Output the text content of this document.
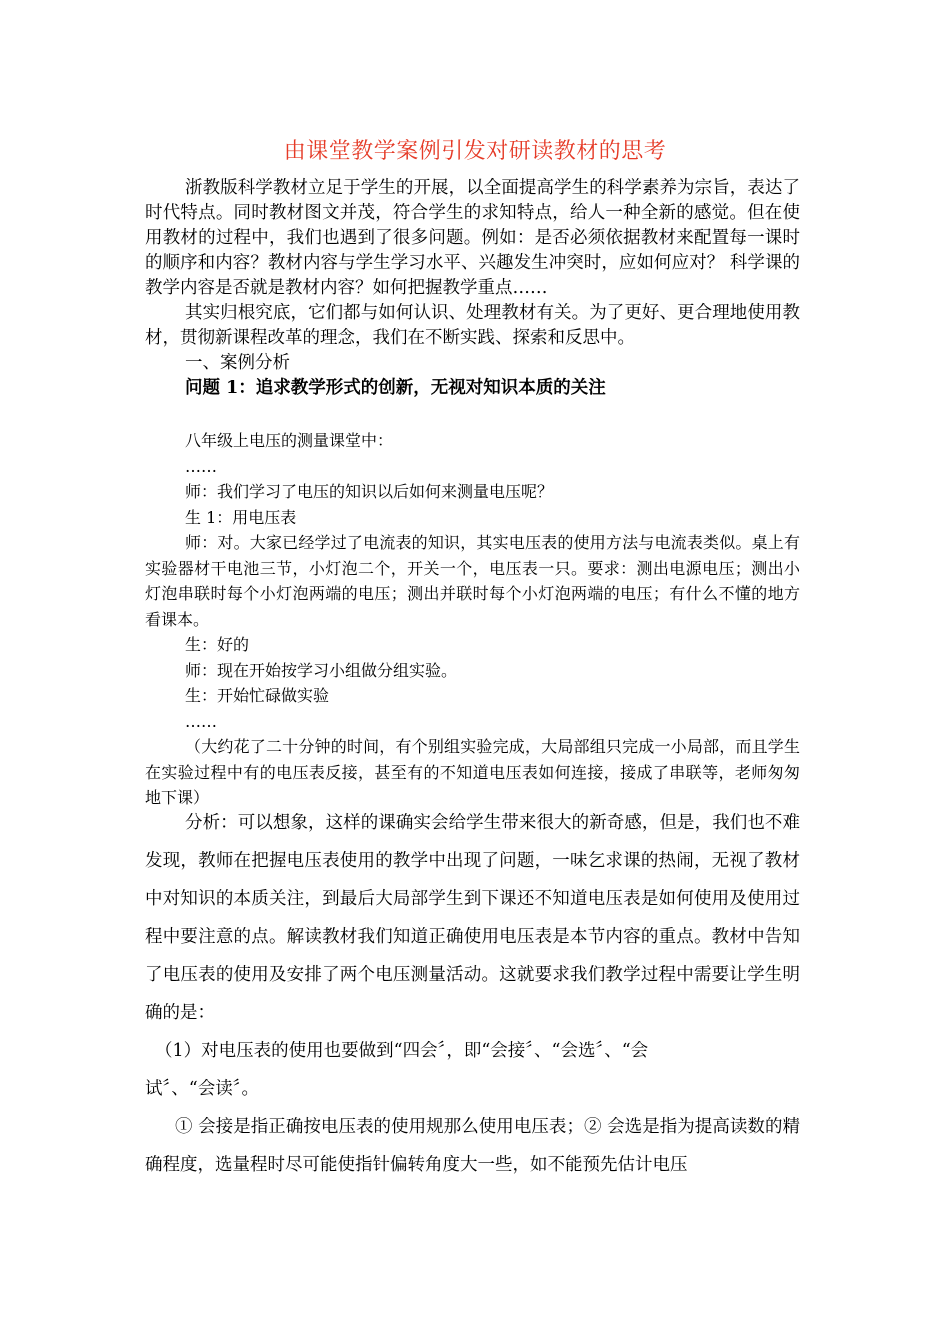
由课堂教学案例引发对研读教材的思考

浙教版科学教材立足于学生的开展，以全面提高学生的科学素养为宗旨，表达了时代特点。同时教材图文并茂，符合学生的求知特点，给人一种全新的感觉。但在使用教材的过程中，我们也遇到了很多问题。例如：是否必须依据教材来配置每一课时的顺序和内容？教材内容与学生学习水平、兴趣发生冲突时，应如何应对？ 科学课的教学内容是否就是教材内容？如何把握教学重点……

其实归根究底，它们都与如何认识、处理教材有关。为了更好、更合理地使用教材，贯彻新课程改革的理念，我们在不断实践、探索和反思中。

一、案例分析

问题 1：追求教学形式的创新，无视对知识本质的关注

八年级上电压的测量课堂中：

……

师：我们学习了电压的知识以后如何来测量电压呢？

生 1：用电压表

师：对。大家已经学过了电流表的知识，其实电压表的使用方法与电流表类似。桌上有实验器材干电池三节，小灯泡二个，开关一个，电压表一只。要求：测出电源电压；测出小灯泡串联时每个小灯泡两端的电压；测出并联时每个小灯泡两端的电压；有什么不懂的地方看课本。

生：好的

师：现在开始按学习小组做分组实验。

生：开始忙碌做实验

……

（大约花了二十分钟的时间，有个别组实验完成，大局部组只完成一小局部，而且学生在实验过程中有的电压表反接，甚至有的不知道电压表如何连接，接成了串联等，老师匆匆地下课）

分析：可以想象，这样的课确实会给学生带来很大的新奇感，但是，我们也不难发现，教师在把握电压表使用的教学中出现了问题，一味乞求课的热闹，无视了教材中对知识的本质关注，到最后大局部学生到下课还不知道电压表是如何使用及使用过程中要注意的点。解读教材我们知道正确使用电压表是本节内容的重点。教材中告知了电压表的使用及安排了两个电压测量活动。这就要求我们教学过程中需要让学生明确的是：

（1）对电压表的使用也要做到“四会〞，即“会接〞、“会选〞、“会

试〞、“会读〞。

① 会接是指正确按电压表的使用规那么使用电压表；② 会选是指为提高读数的精确程度，选量程时尽可能使指针偏转角度大一些，如不能预先估计电压
